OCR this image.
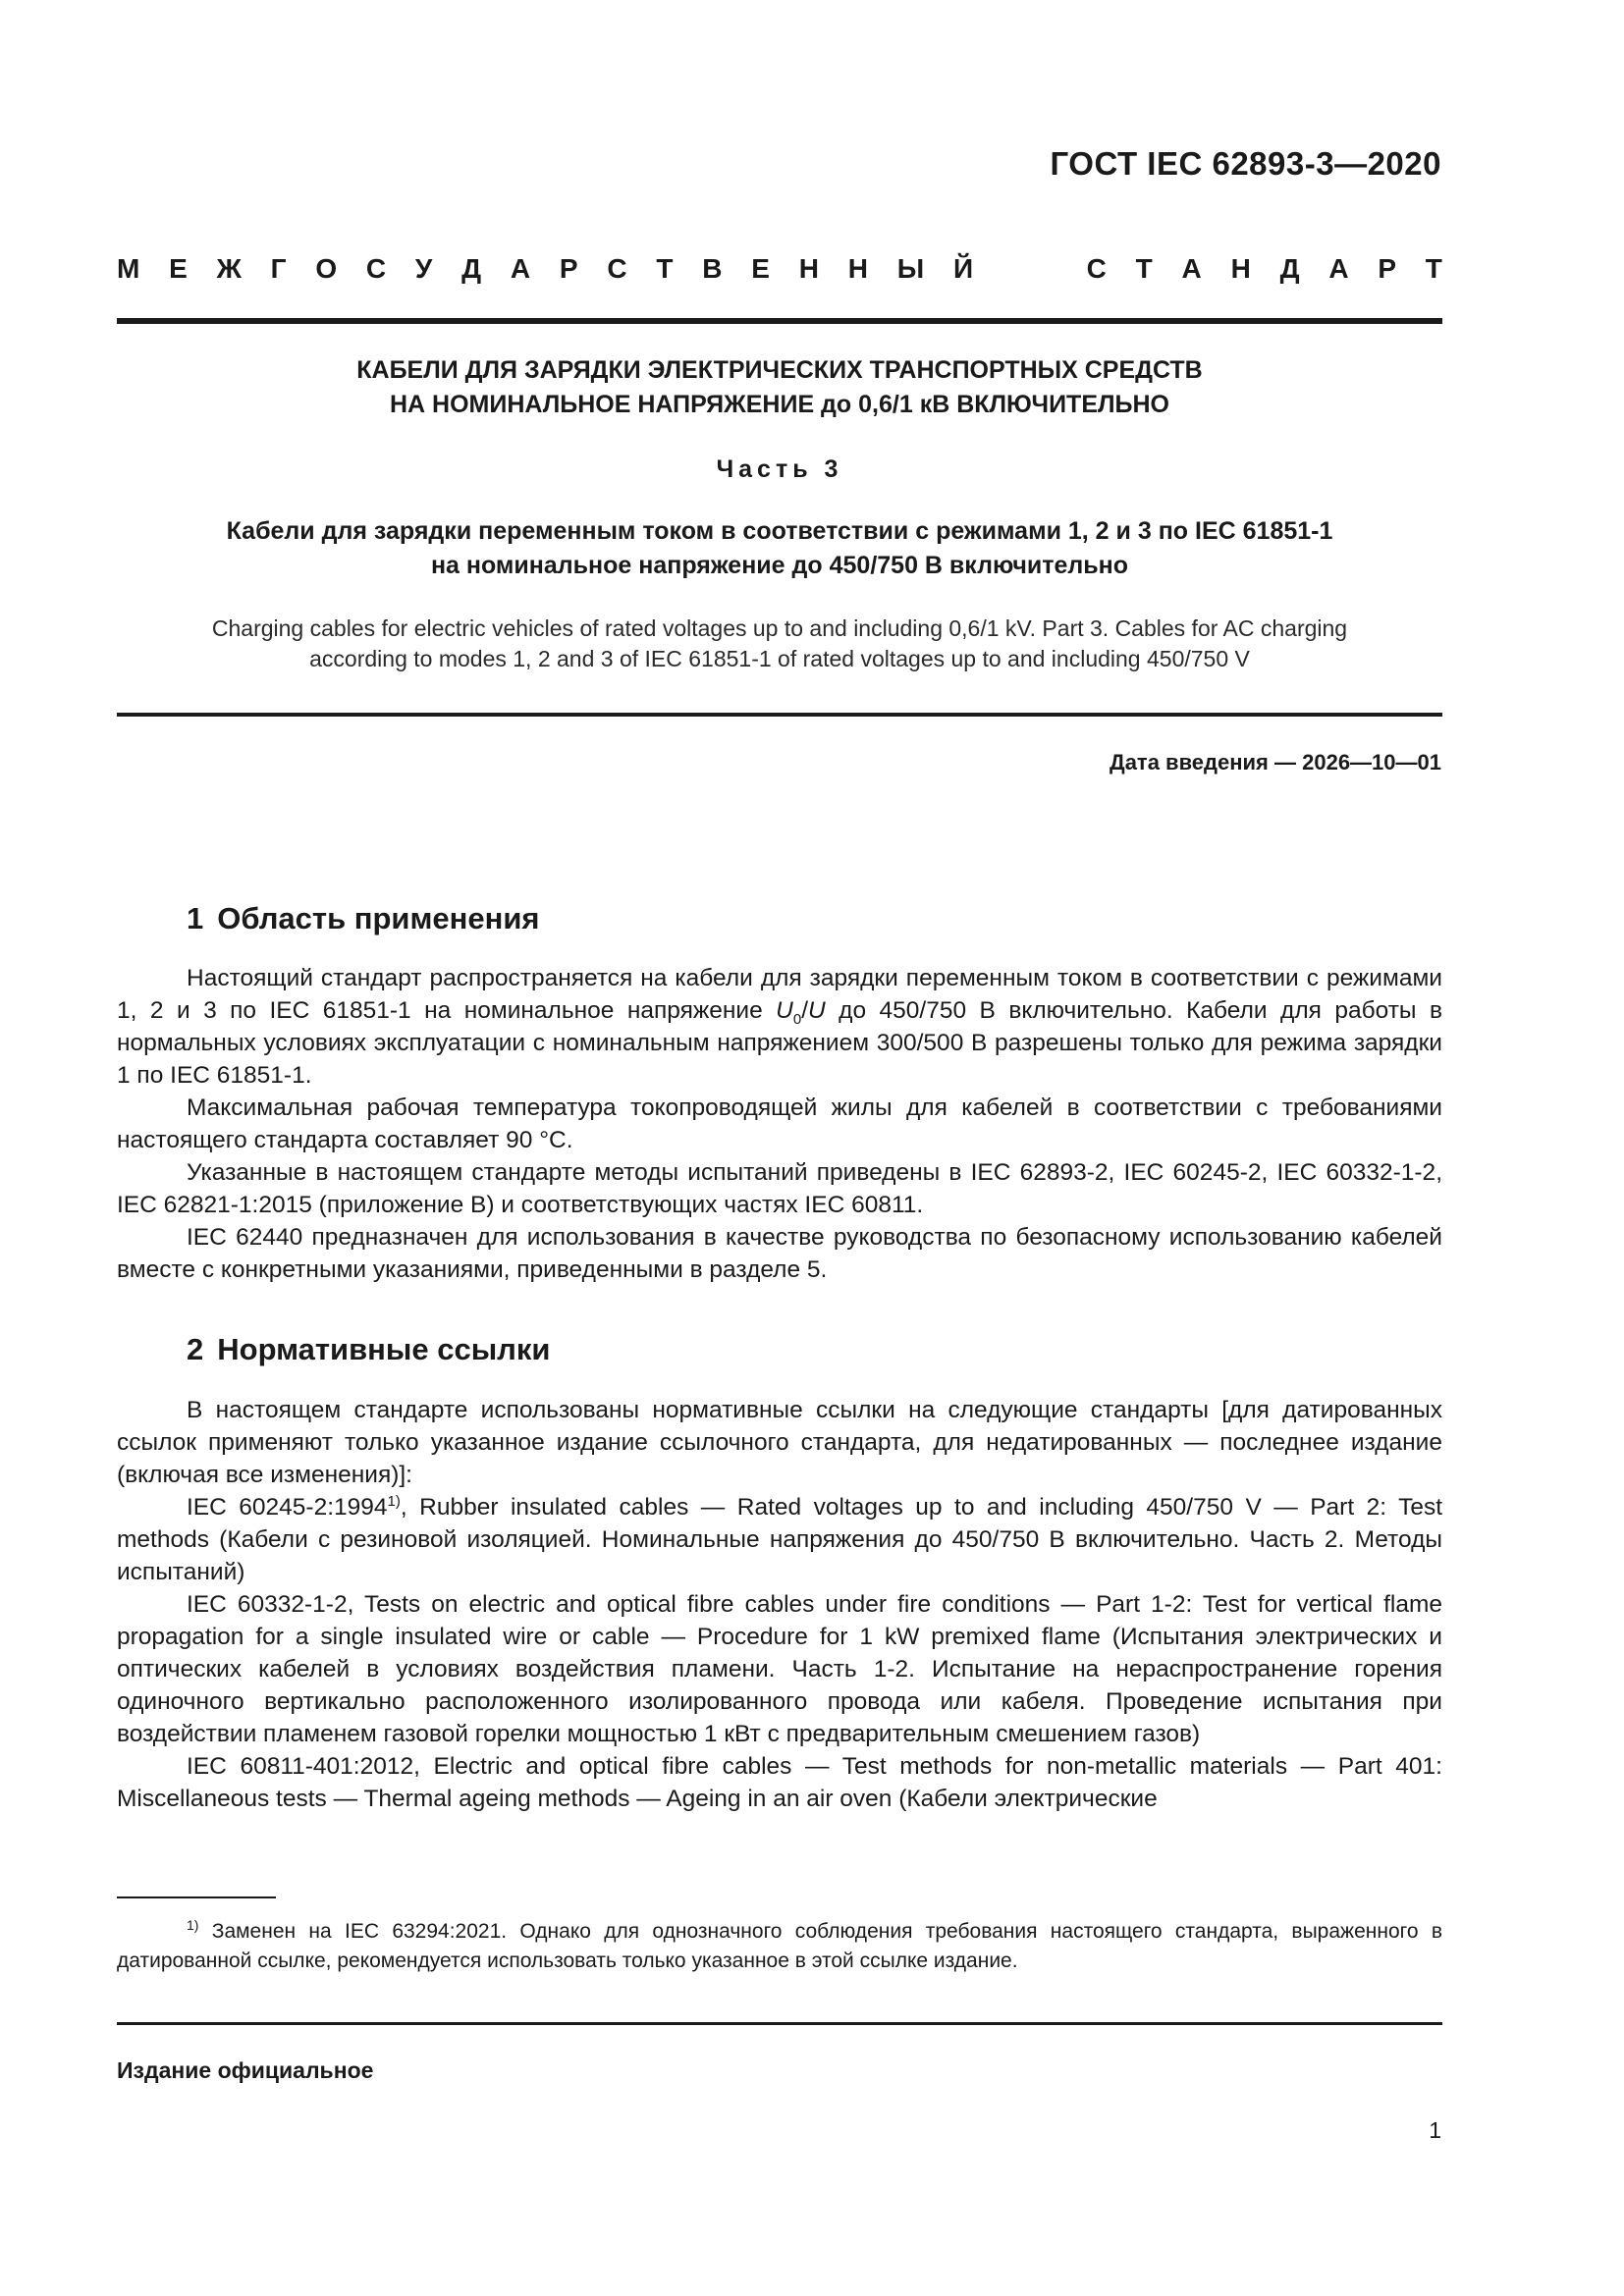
ГОСТ IEC 62893-3—2020
М Е Ж Г О С У Д А Р С Т В Е Н Н Ы Й	С Т А Н Д А Р Т
КАБЕЛИ ДЛЯ ЗАРЯДКИ ЭЛЕКТРИЧЕСКИХ ТРАНСПОРТНЫХ СРЕДСТВ
НА НОМИНАЛЬНОЕ НАПРЯЖЕНИЕ до 0,6/1 кВ ВКЛЮЧИТЕЛЬНО
Часть 3
Кабели для зарядки переменным током в соответствии с режимами 1, 2 и 3 по IEC 61851-1
на номинальное напряжение до 450/750 В включительно
Charging cables for electric vehicles of rated voltages up to and including 0,6/1 kV. Part 3. Cables for AC charging
according to modes 1, 2 and 3 of IEC 61851-1 of rated voltages up to and including 450/750 V
Дата введения — 2026—10—01
1 Область применения

Настоящий стандарт распространяется на кабели для зарядки переменным током в соответствии с режимами 1, 2 и 3 по IEC 61851-1 на номинальное напряжение $U_0/U$ до 450/750 В включительно. Кабели для работы в нормальных условиях эксплуатации с номинальным напряжением 300/500 В разрешены только для режима зарядки 1 по IEC 61851-1.

Максимальная рабочая температура токопроводящей жилы для кабелей в соответствии с требованиями настоящего стандарта составляет 90 °С.

Указанные в настоящем стандарте методы испытаний приведены в IEC 62893-2, IEC 60245-2, IEC 60332-1-2, IEC 62821-1:2015 (приложение В) и соответствующих частях IEC 60811.

IEC 62440 предназначен для использования в качестве руководства по безопасному использованию кабелей вместе с конкретными указаниями, приведенными в разделе 5.

2 Нормативные ссылки

В настоящем стандарте использованы нормативные ссылки на следующие стандарты [для датированных ссылок применяют только указанное издание ссылочного стандарта, для недатированных — последнее издание (включая все изменения)]:

IEC 60245-2:1994$^{1)}$, Rubber insulated cables — Rated voltages up to and including 450/750 V — Part 2: Test methods (Кабели с резиновой изоляцией. Номинальные напряжения до 450/750 В включительно. Часть 2. Методы испытаний)

IEC 60332-1-2, Tests on electric and optical fibre cables under fire conditions — Part 1-2: Test for vertical flame propagation for a single insulated wire or cable — Procedure for 1 kW premixed flame (Испытания электрических и оптических кабелей в условиях воздействия пламени. Часть 1-2. Испытание на нераспространение горения одиночного вертикально расположенного изолированного провода или кабеля. Проведение испытания при воздействии пламенем газовой горелки мощностью 1 кВт с предварительным смешением газов)

IEC 60811-401:2012, Electric and optical fibre cables — Test methods for non-metallic materials — Part 401: Miscellaneous tests — Thermal ageing methods — Ageing in an air oven (Кабели электрические

$^{1)}$ Заменен на IEC 63294:2021. Однако для однозначного соблюдения требования настоящего стандарта, выраженного в датированной ссылке, рекомендуется использовать только указанное в этой ссылке издание.

Издание официальное
1
